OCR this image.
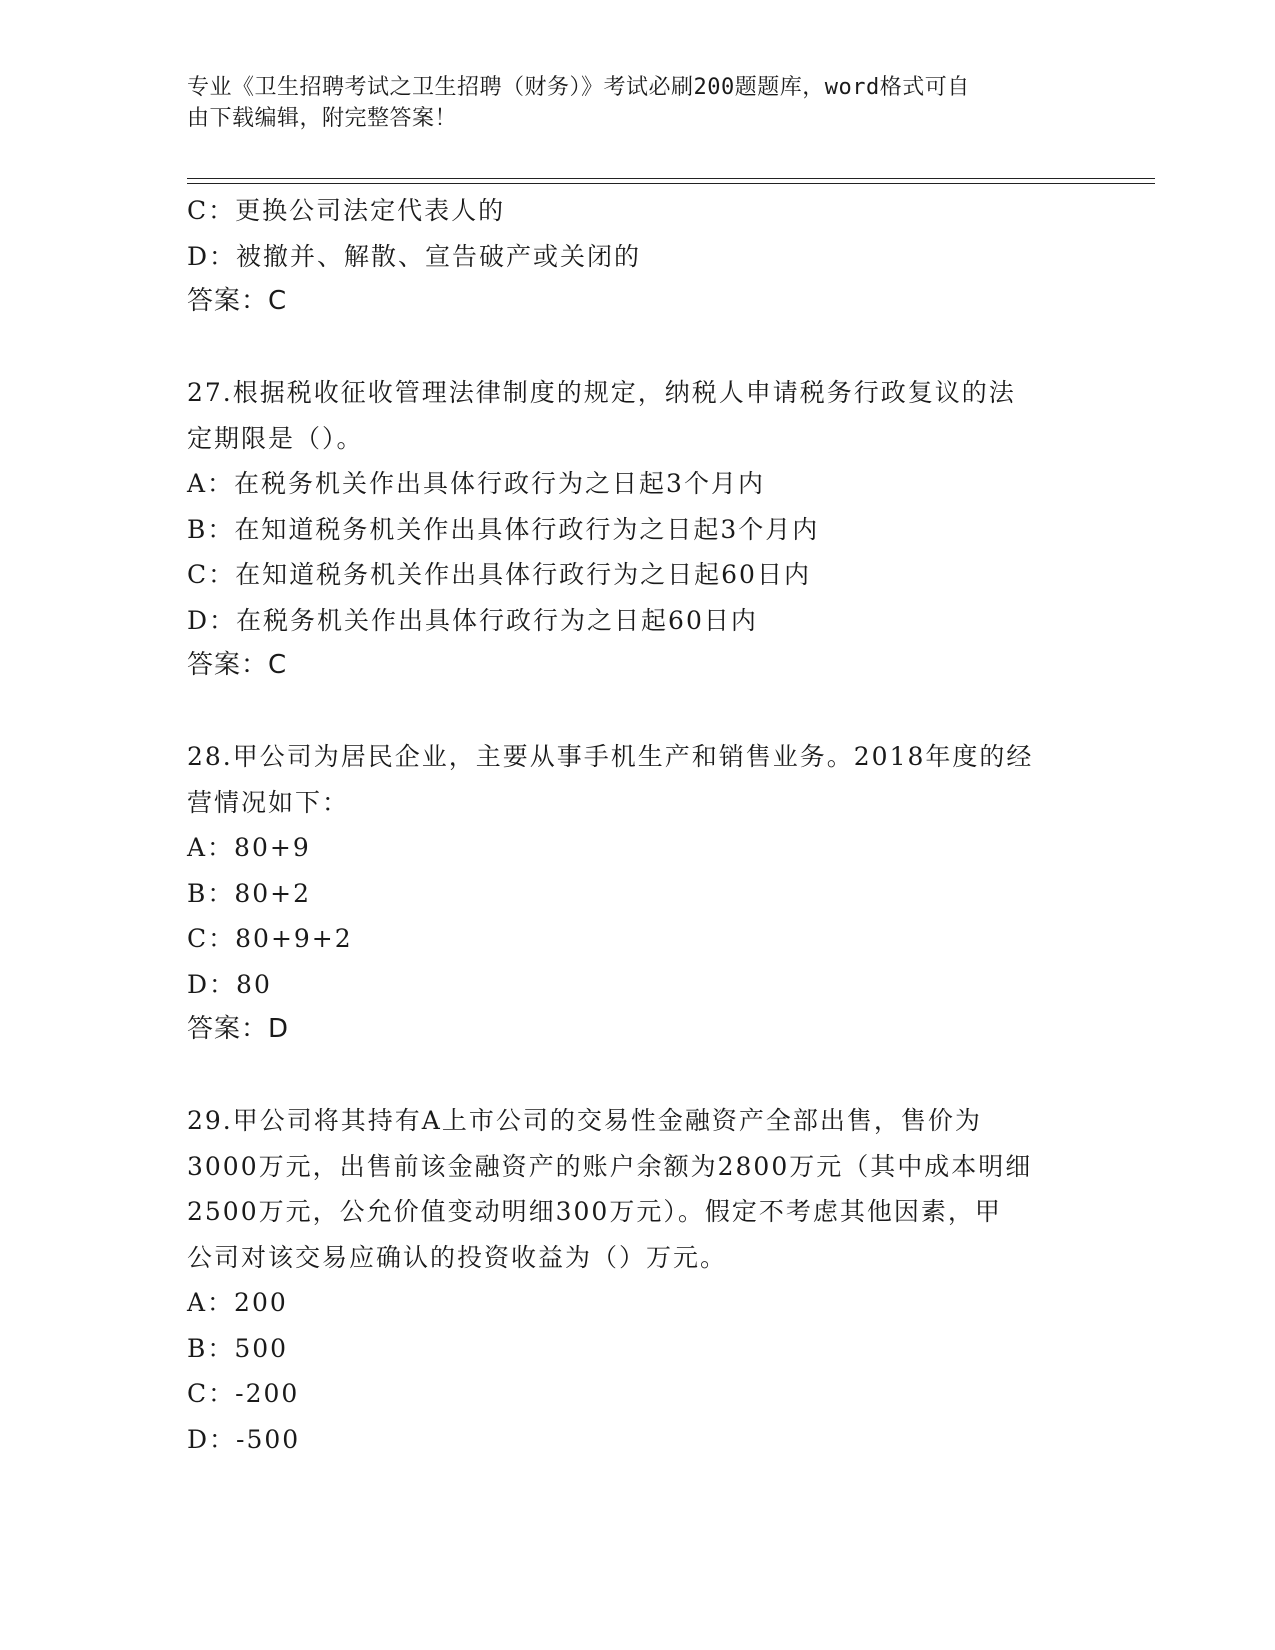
专业《卫生招聘考试之卫生招聘（财务）》考试必刷200题题库，word格式可自
由下载编辑，附完整答案！
C：更换公司法定代表人的
D：被撤并、解散、宣告破产或关闭的
答案：C
27.根据税收征收管理法律制度的规定，纳税人申请税务行政复议的法
定期限是（）。
A：在税务机关作出具体行政行为之日起3个月内
B：在知道税务机关作出具体行政行为之日起3个月内
C：在知道税务机关作出具体行政行为之日起60日内
D：在税务机关作出具体行政行为之日起60日内
答案：C
28.甲公司为居民企业，主要从事手机生产和销售业务。2018年度的经
营情况如下：
A：80+9
B：80+2
C：80+9+2
D：80
答案：D
29.甲公司将其持有A上市公司的交易性金融资产全部出售，售价为
3000万元，出售前该金融资产的账户余额为2800万元（其中成本明细
2500万元，公允价值变动明细300万元）。假定不考虑其他因素，甲
公司对该交易应确认的投资收益为（）万元。
A：200
B：500
C：-200
D：-500
